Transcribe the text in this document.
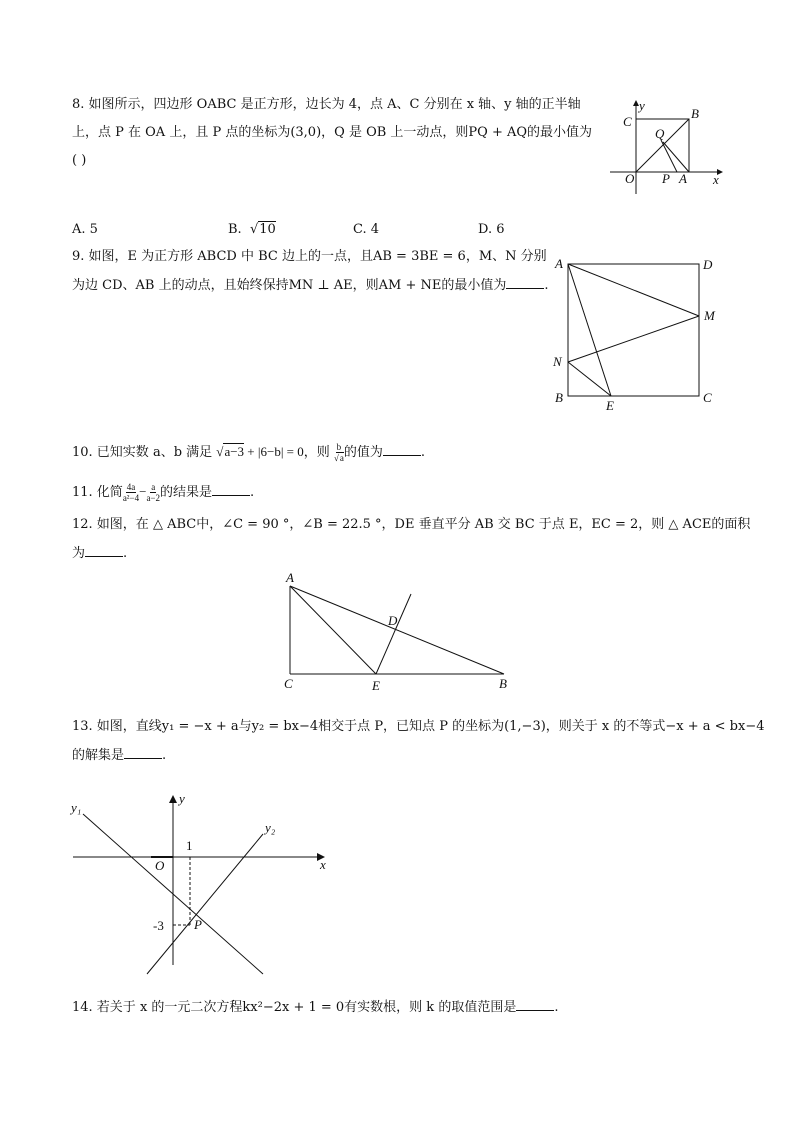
8. 如图所示，四边形 OABC 是正方形，边长为 4，点 A、C 分别在 x 轴、y 轴的正半轴
上，点 P 在 OA 上，且 P 点的坐标为(3,0)，Q 是 OB 上一动点，则PQ + AQ的最小值为
( )
C
y
B
Q
O P A x
A. 5	B.  √10	C. 4	D. 6
9. 如图，E 为正方形 ABCD 中 BC 边上的一点，且AB = 3BE = 6，M、N 分别
为边 CD、AB 上的动点，且始终保持MN ⊥ AE，则AM + NE的最小值为	.
A	D
M
N
B
E
C
10. 已知实数 a、b 满足 √a−3 + |6−b| = 0，则 $\frac{b}{√a}$ 的值为	.
11. 化简 $\frac{4a}{\text{a²−4}} - \frac{a}{a-2}$ 的结果是	.
12. 如图，在 △ ABC中，∠C = 90 °，∠B = 22.5 °，DE 垂直平分 AB 交 BC 于点 E，EC = 2，则 △ ACE的面积
为	.
A
D
C	E	B
13. 如图，直线y₁ = −x + a与y₂ = bx−4相交于点 P，已知点 P 的坐标为(1,−3)，则关于 x 的不等式−x + a < bx−4
的解集是	.
y₁
y
y₂
1
O	x
-3 P
14. 若关于 x 的一元二次方程kx²−2x + 1 = 0有实数根，则 k 的取值范围是	.
